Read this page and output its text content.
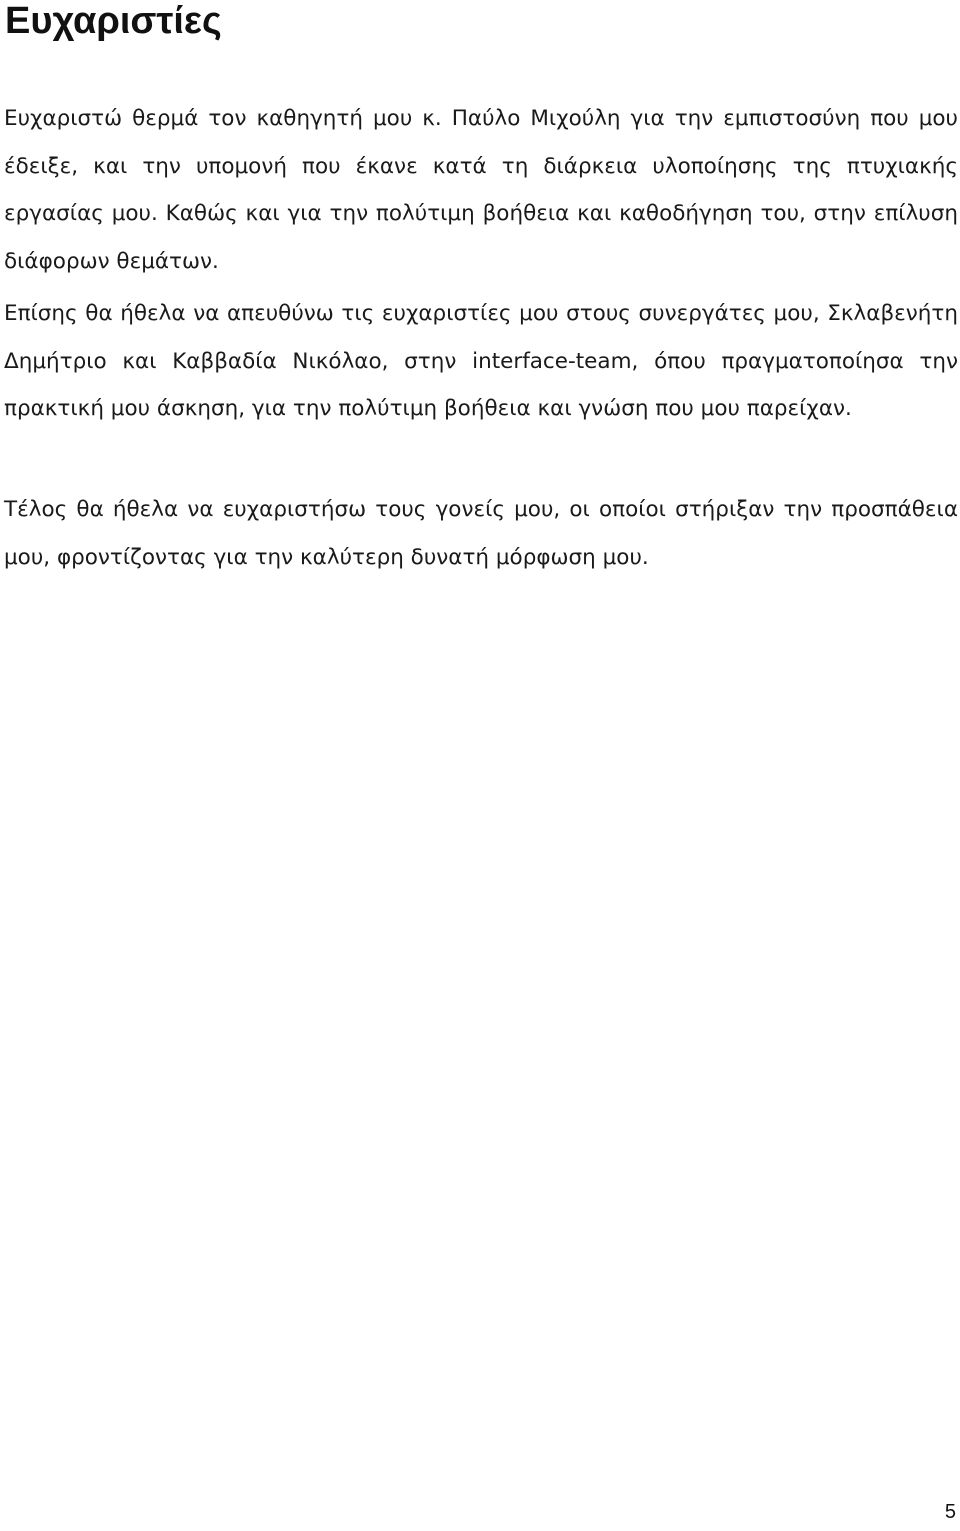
Ευχαριστίες

Ευχαριστώ θερμά τον καθηγητή μου κ. Παύλο Μιχούλη για την εμπιστοσύνη που μου έδειξε, και την υπομονή που έκανε κατά τη διάρκεια υλοποίησης της πτυχιακής εργασίας μου. Καθώς και για την πολύτιμη βοήθεια και καθοδήγηση του, στην επίλυση διάφορων θεμάτων.

Επίσης θα ήθελα να απευθύνω τις ευχαριστίες μου στους συνεργάτες μου, Σκλαβενήτη Δημήτριο και Καββαδία Νικόλαο, στην interface-team, όπου πραγματοποίησα την πρακτική μου άσκηση, για την πολύτιμη βοήθεια και γνώση που μου παρείχαν.

Τέλος θα ήθελα να ευχαριστήσω τους γονείς μου, οι οποίοι στήριξαν την προσπάθεια μου, φροντίζοντας για την καλύτερη δυνατή μόρφωση μου.

5
